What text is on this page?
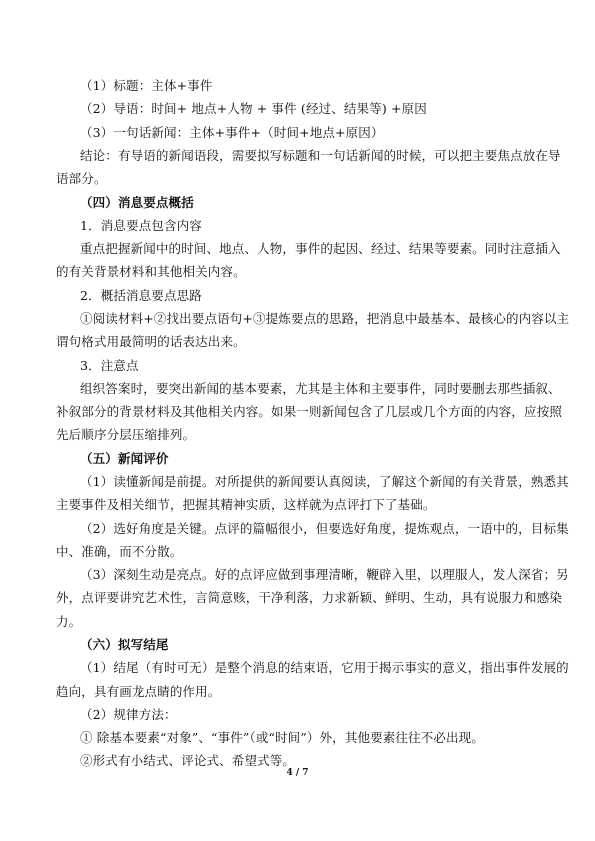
（1）标题：主体+事件

（2）导语：时间+ 地点+人物 + 事件 (经过、结果等) +原因

（3）一句话新闻：主体+事件+（时间+地点+原因）

结论：有导语的新闻语段，需要拟写标题和一句话新闻的时候，可以把主要焦点放在导

语部分。

（四）消息要点概括

1．消息要点包含内容

重点把握新闻中的时间、地点、人物，事件的起因、经过、结果等要素。同时注意插入

的有关背景材料和其他相关内容。

2．概括消息要点思路

①阅读材料+②找出要点语句+③提炼要点的思路，把消息中最基本、最核心的内容以主

谓句格式用最简明的话表达出来。

3．注意点

组织答案时，要突出新闻的基本要素，尤其是主体和主要事件，同时要删去那些插叙、

补叙部分的背景材料及其他相关内容。如果一则新闻包含了几层或几个方面的内容，应按照

先后顺序分层压缩排列。

（五）新闻评价

（1）读懂新闻是前提。对所提供的新闻要认真阅读，了解这个新闻的有关背景，熟悉其

主要事件及相关细节，把握其精神实质，这样就为点评打下了基础。

（2）选好角度是关键。点评的篇幅很小，但要选好角度，提炼观点，一语中的，目标集

中、准确，而不分散。

（3）深刻生动是亮点。好的点评应做到事理清晰，鞭辟入里，以理服人，发人深省；另

外，点评要讲究艺术性，言简意赅，干净利落，力求新颖、鲜明、生动，具有说服力和感染

力。

（六）拟写结尾

（1）结尾（有时可无）是整个消息的结束语，它用于揭示事实的意义，指出事件发展的

趋向，具有画龙点睛的作用。

（2）规律方法：

① 除基本要素“对象”、“事件”（或“时间”）外，其他要素往往不必出现。

②形式有小结式、评论式、希望式等。

4 / 7
